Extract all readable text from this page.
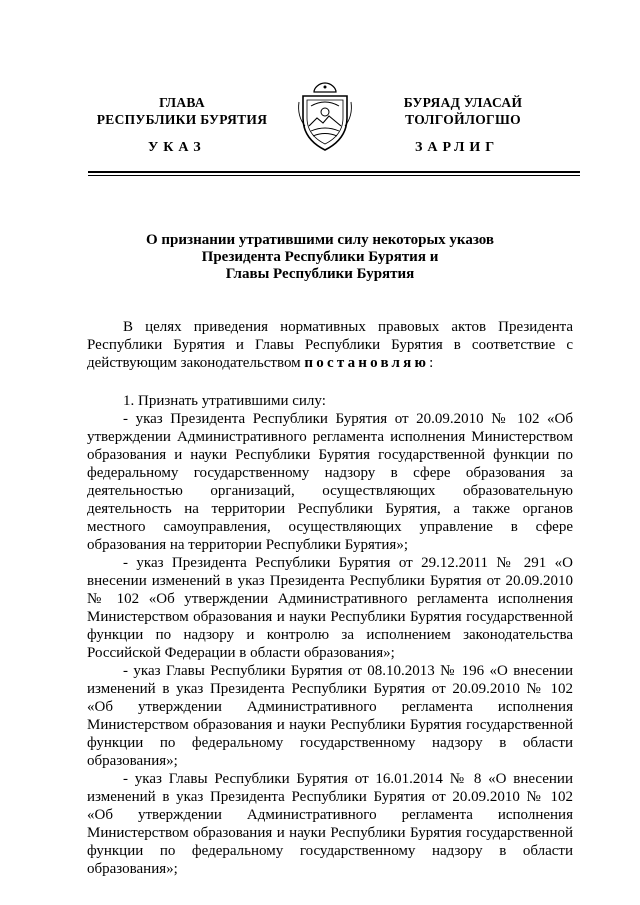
ГЛАВА
РЕСПУБЛИКИ БУРЯТИЯ
УКАЗ
БУРЯАД УЛАСАЙ
ТОЛГОЙЛОГШО
ЗАРЛИГ
О признании утратившими силу некоторых указов
Президента Республики Бурятия и
Главы Республики Бурятия

В целях приведения нормативных правовых актов Президента Республики Бурятия и Главы Республики Бурятия в соответствие с действующим законодательством постановляю:

1. Признать утратившими силу:

- указ Президента Республики Бурятия от 20.09.2010 № 102 «Об утверждении Административного регламента исполнения Министерством образования и науки Республики Бурятия государственной функции по федеральному государственному надзору в сфере образования за деятельностью организаций, осуществляющих образовательную деятельность на территории Республики Бурятия, а также органов местного самоуправления, осуществляющих управление в сфере образования на территории Республики Бурятия»;

- указ Президента Республики Бурятия от 29.12.2011 № 291 «О внесении изменений в указ Президента Республики Бурятия от 20.09.2010 № 102 «Об утверждении Административного регламента исполнения Министерством образования и науки Республики Бурятия государственной функции по надзору и контролю за исполнением законодательства Российской Федерации в области образования»;

- указ Главы Республики Бурятия от 08.10.2013 № 196 «О внесении изменений в указ Президента Республики Бурятия от 20.09.2010 № 102 «Об утверждении Административного регламента исполнения Министерством образования и науки Республики Бурятия государственной функции по федеральному государственному надзору в области образования»;

- указ Главы Республики Бурятия от 16.01.2014 № 8 «О внесении изменений в указ Президента Республики Бурятия от 20.09.2010 № 102 «Об утверждении Административного регламента исполнения Министерством образования и науки Республики Бурятия государственной функции по федеральному государственному надзору в области образования»;
